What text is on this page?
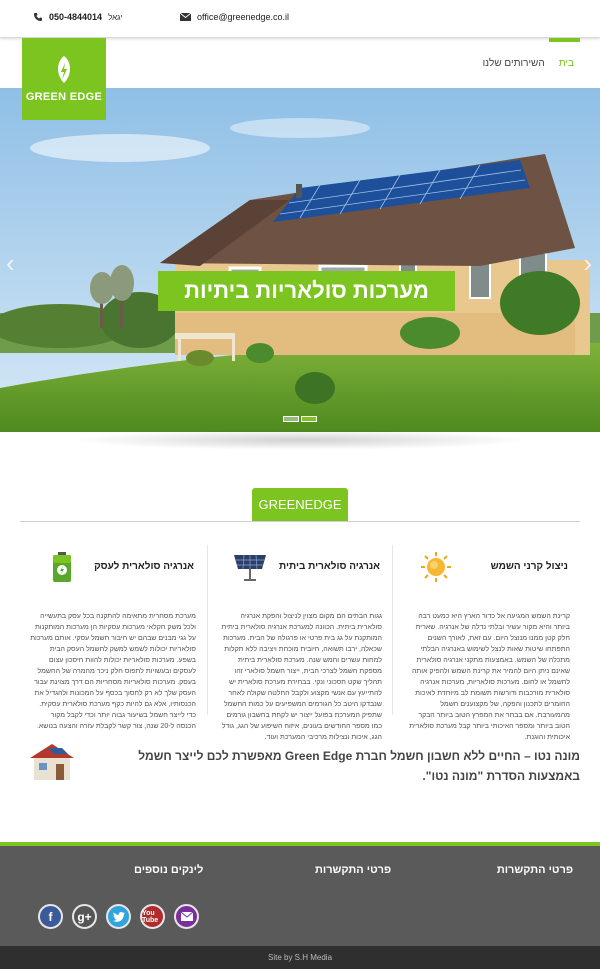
050-4844014 יגאל	office@greenedge.co.il
GREEN EDGE
בית
השירותים שלנו
‹	›
מערכות סולאריות ביתיות
GREENEDGE
ניצול קרני השמש

קרינת השמש המגיעה אל כדור הארץ היא כמעט רבה ביותר והיא מקור עשיר ובלתי נדלה של אנרגיה. שארית חלק קטן ממנו מנוצל היום. עם זאת, לאורך השנים התפתחו שיטות שאות לנצל לשימוש באנרגיה הבלתי מתכלה של השמש. באמצעות מתקני אנרגיה סולארית שאינם ניתן היום להמיר את קרינת השמש ולהפיק אותה לחשמל או לחום. מערכות סולאריות, מערכות אנרגיה סולארית מורכבות ודורשות תשומת לב מיוחדת לאיכות החומרים לתכנון והפקה, של מקצוענים חשמל מהמעורבת. אם בבחר את המפרץ הטוב ביותר הבקר הטוב ביותר ומספר האיכותי ביותר קבל מערכת סולארית איכותית והוגנת.

אנרגיה סולארית ביתית

גגות הבתים הם מקום מצוין לניצול והפקת אנרגיה סולארית ביתית. הכוונה למערכת אנרגיה סולארית ביתית המותקנת על גג בית פרטי או פרגולה של הבית. מערכות שכאלה, ירבו תשואה, חיובית מוכחת ויציבה ללא תקלות למחות עשרים וחמש שנה. מערכת סולארית ביתית מספקת חשמל לצרכי הבית, ייצור חשמל סולארי זהו תהליך שקט חסכוני ונקי. בבחירת מערכת סולארית יש להתייעץ עם אנשי מקצוע ולקבל החלטה שקולה לאחר שנבדקו היטב כל הגורמים המשפיעים על כמות החשמל שתפיק המערכת בפועל ייצור יש לקחת בחשבון גורמים כמו מספר החודשים בעונים, איזוח השיפוע של הגג, גודל הגג, איכות ונצילות מרכיבי המערכת ועוד.

אנרגיה סולארית לעסק

מערכת מסחרית מתאימה להתקנה בכל עסק בתעשייה ולכל משק חקלאי מערכות עסקיות הן מערכות המותקנות על גגי מבנים שבהם יש חיבור חשמל עסקי. אותם מערכות סולאריות יכולות לשמש למשק לחשמל העסק הבית בשפע. מערכות סולאריות יכולות להוות חיסכון עצום לעסקים ובעשויות לתפוס חלק ניכר מהמרה של החשמל בעסק. מערכות סולאריות מסחריות הם דרך מצוינת עבור העסק שלך לא רק לחסוך בכסף על המכונות ולהגדיל את הכנסותיו, אלא גם להיות כקף מערכת סולארית עסקית. כדי לייצר חשמל בשיעור גבוה יותר וכדי לקבל מקור הכנסה ל-20 שנה, צור קשר לקבלת עזרה והצעה בנושא.

מונה נטו – החיים ללא חשבון חשמל חברת Green Edge מאפשרת לכם לייצר חשמל באמצעות הסדרת "מונה נטו".
פרטי התקשרות
פרטי התקשרות
לינקים נוספים
f	g+	You Tube
Site by S.H Media
